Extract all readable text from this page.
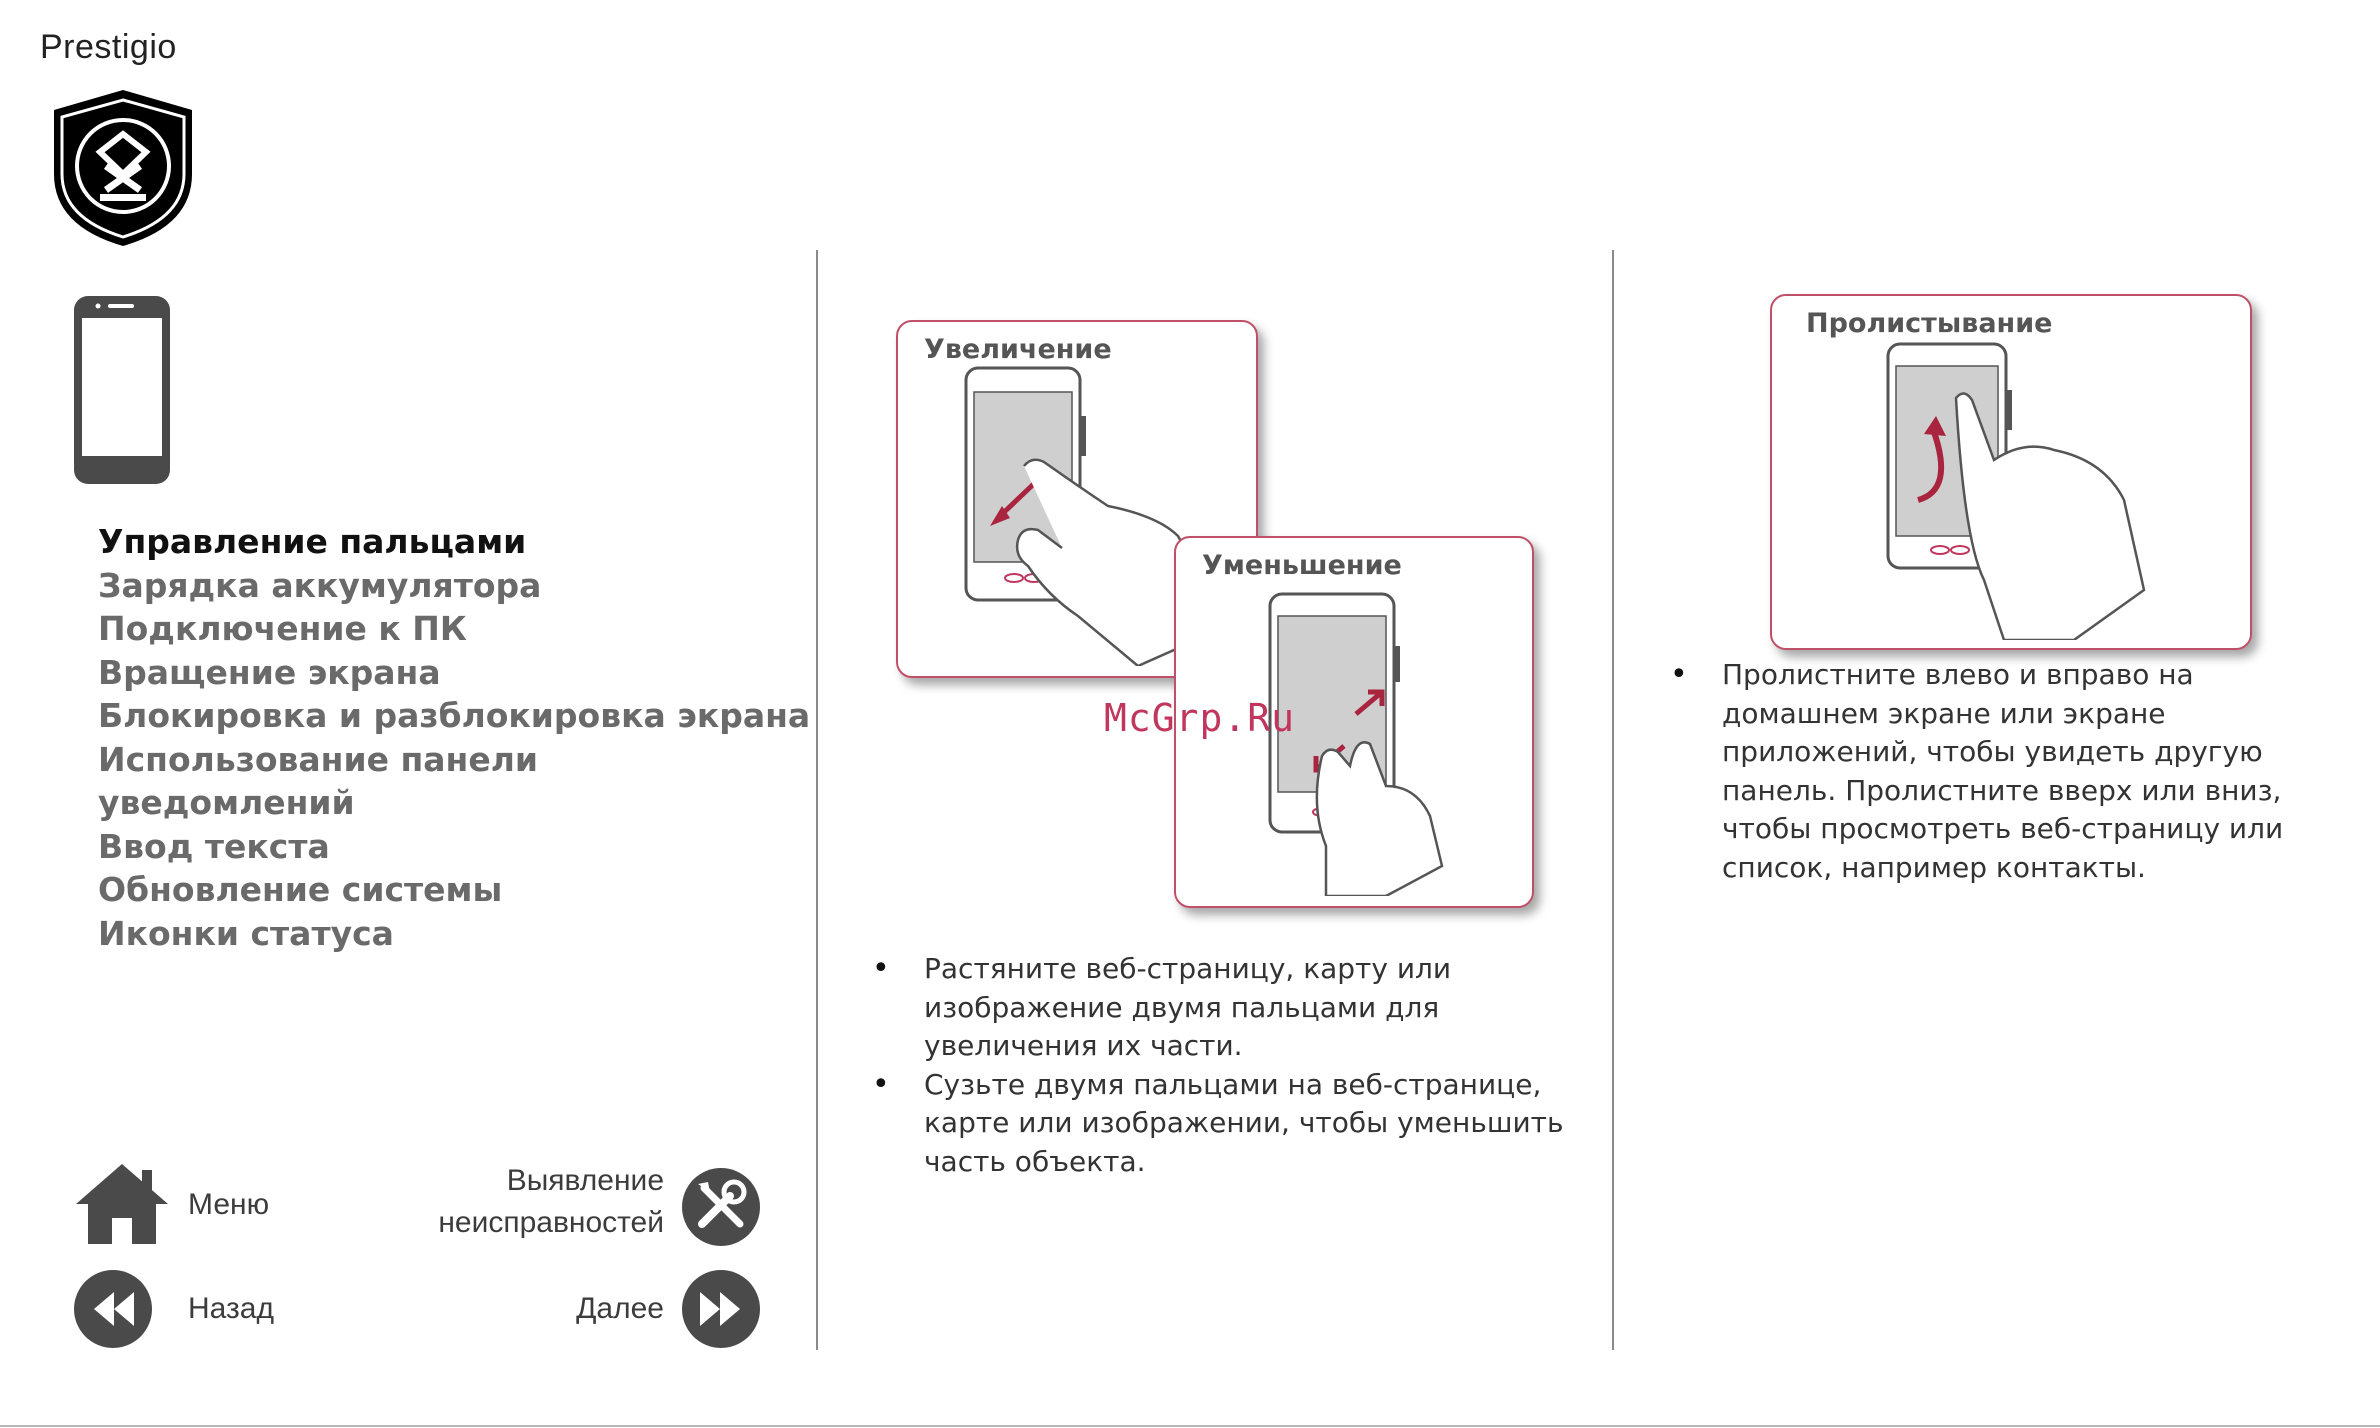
Prestigio
Управление пальцами
Зарядка аккумулятора
Подключение к ПК
Вращение экрана
Блокировка и разблокировка экрана
Использование панели
уведомлений
Ввод текста
Обновление системы
Иконки статуса
Меню
Выявление
неисправностей
Назад	Далее
Увеличение
Уменьшение
Пролистывание
• Растяните веб-страницу, карту или изображение двумя пальцами для увеличения их части.
• Сузьте двумя пальцами на веб-странице, карте или изображении, чтобы уменьшить часть объекта.
• Пролистните влево и вправо на домашнем экране или экране приложений, чтобы увидеть другую панель. Пролистните вверх или вниз, чтобы просмотреть веб-страницу или список, например контакты.
McGrp.Ru
